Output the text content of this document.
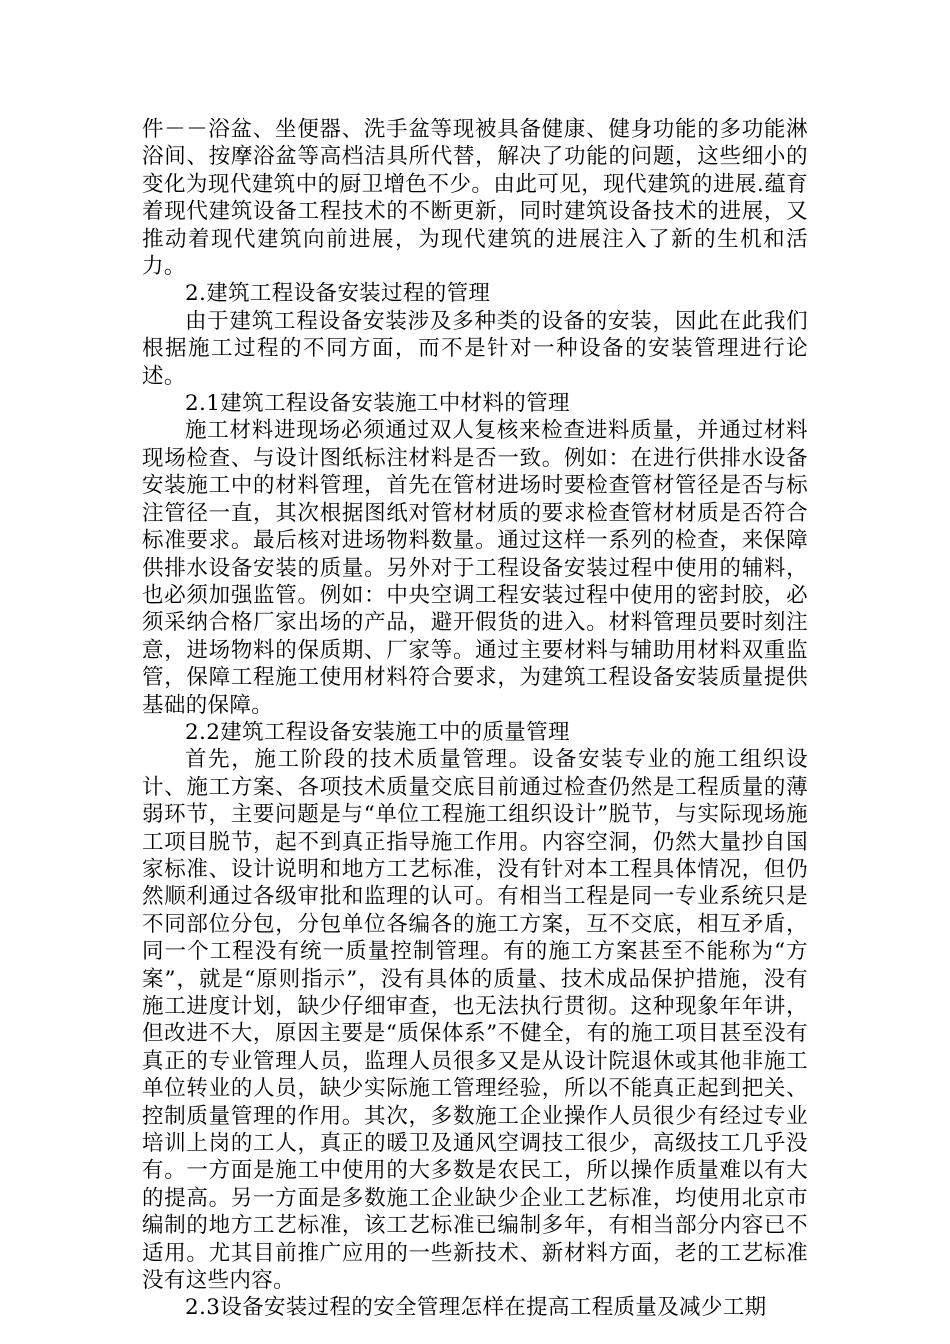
件－－浴盆、坐便器、洗手盆等现被具备健康、健身功能的多功能淋浴间、按摩浴盆等高档洁具所代替，解决了功能的问题，这些细小的变化为现代建筑中的厨卫增色不少。由此可见，现代建筑的进展.蕴育着现代建筑设备工程技术的不断更新，同时建筑设备技术的进展，又推动着现代建筑向前进展，为现代建筑的进展注入了新的生机和活力。

2.建筑工程设备安装过程的管理

由于建筑工程设备安装涉及多种类的设备的安装，因此在此我们根据施工过程的不同方面，而不是针对一种设备的安装管理进行论述。

2.1建筑工程设备安装施工中材料的管理

施工材料进现场必须通过双人复核来检查进料质量，并通过材料现场检查、与设计图纸标注材料是否一致。例如：在进行供排水设备安装施工中的材料管理，首先在管材进场时要检查管材管径是否与标注管径一直，其次根据图纸对管材材质的要求检查管材材质是否符合标准要求。最后核对进场物料数量。通过这样一系列的检查，来保障供排水设备安装的质量。另外对于工程设备安装过程中使用的辅料，也必须加强监管。例如：中央空调工程安装过程中使用的密封胶，必须采纳合格厂家出场的产品，避开假货的进入。材料管理员要时刻注意，进场物料的保质期、厂家等。通过主要材料与辅助用材料双重监管，保障工程施工使用材料符合要求，为建筑工程设备安装质量提供基础的保障。

2.2建筑工程设备安装施工中的质量管理

首先，施工阶段的技术质量管理。设备安装专业的施工组织设计、施工方案、各项技术质量交底目前通过检查仍然是工程质量的薄弱环节，主要问题是与“单位工程施工组织设计”脱节，与实际现场施工项目脱节，起不到真正指导施工作用。内容空洞，仍然大量抄自国家标准、设计说明和地方工艺标准，没有针对本工程具体情况，但仍然顺利通过各级审批和监理的认可。有相当工程是同一专业系统只是不同部位分包，分包单位各编各的施工方案，互不交底，相互矛盾，同一个工程没有统一质量控制管理。有的施工方案甚至不能称为“方案”，就是“原则指示”，没有具体的质量、技术成品保护措施，没有施工进度计划，缺少仔细审查，也无法执行贯彻。这种现象年年讲，但改进不大，原因主要是“质保体系”不健全，有的施工项目甚至没有真正的专业管理人员，监理人员很多又是从设计院退休或其他非施工单位转业的人员，缺少实际施工管理经验，所以不能真正起到把关、控制质量管理的作用。其次，多数施工企业操作人员很少有经过专业培训上岗的工人，真正的暖卫及通风空调技工很少，高级技工几乎没有。一方面是施工中使用的大多数是农民工，所以操作质量难以有大的提高。另一方面是多数施工企业缺少企业工艺标准，均使用北京市编制的地方工艺标准，该工艺标准已编制多年，有相当部分内容已不适用。尤其目前推广应用的一些新技术、新材料方面，老的工艺标准没有这些内容。

2.3设备安装过程的安全管理怎样在提高工程质量及减少工期
